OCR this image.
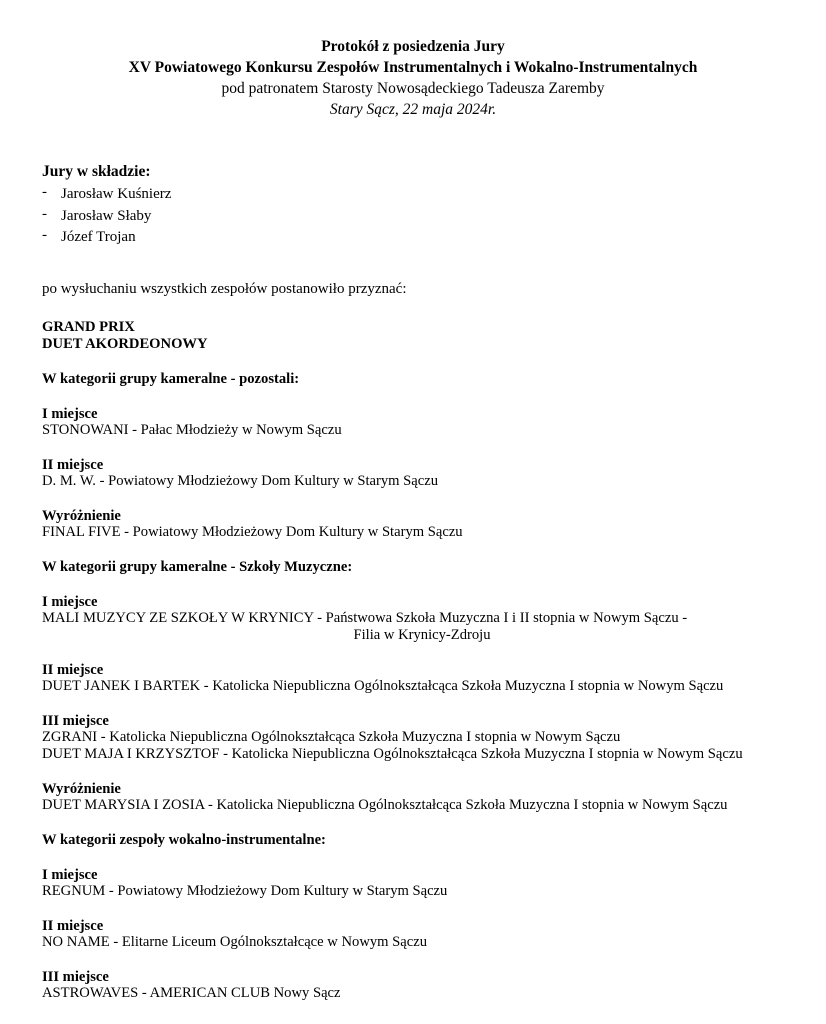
Protokół z posiedzenia Jury
XV Powiatowego Konkursu Zespołów Instrumentalnych i Wokalno-Instrumentalnych
pod patronatem Starosty Nowosądeckiego Tadeusza Zaremby
Stary Sącz, 22 maja 2024r.

Jury w składzie:

- Jarosław Kuśnierz
- Jarosław Słaby
- Józef Trojan
po wysłuchaniu wszystkich zespołów postanowiło przyznać:
GRAND PRIX
DUET AKORDEONOWY
W kategorii grupy kameralne - pozostali:
I miejsce
STONOWANI - Pałac Młodzieży w Nowym Sączu
II miejsce
D. M. W. - Powiatowy Młodzieżowy Dom Kultury w Starym Sączu
Wyróżnienie
FINAL FIVE - Powiatowy Młodzieżowy Dom Kultury w Starym Sączu
W kategorii grupy kameralne - Szkoły Muzyczne:
I miejsce
MALI MUZYCY ZE SZKOŁY W KRYNICY - Państwowa Szkoła Muzyczna I i II stopnia w Nowym Sączu -
Filia w Krynicy-Zdroju
II miejsce
DUET JANEK I BARTEK - Katolicka Niepubliczna Ogólnokształcąca Szkoła Muzyczna I stopnia w Nowym Sączu
III miejsce
ZGRANI - Katolicka Niepubliczna Ogólnokształcąca Szkoła Muzyczna I stopnia w Nowym Sączu
DUET MAJA I KRZYSZTOF - Katolicka Niepubliczna Ogólnokształcąca Szkoła Muzyczna I stopnia w Nowym Sączu
Wyróżnienie
DUET MARYSIA I ZOSIA - Katolicka Niepubliczna Ogólnokształcąca Szkoła Muzyczna I stopnia w Nowym Sączu
W kategorii zespoły wokalno-instrumentalne:
I miejsce
REGNUM - Powiatowy Młodzieżowy Dom Kultury w Starym Sączu
II miejsce
NO NAME - Elitarne Liceum Ogólnokształcące w Nowym Sączu
III miejsce
ASTROWAVES - AMERICAN CLUB Nowy Sącz
